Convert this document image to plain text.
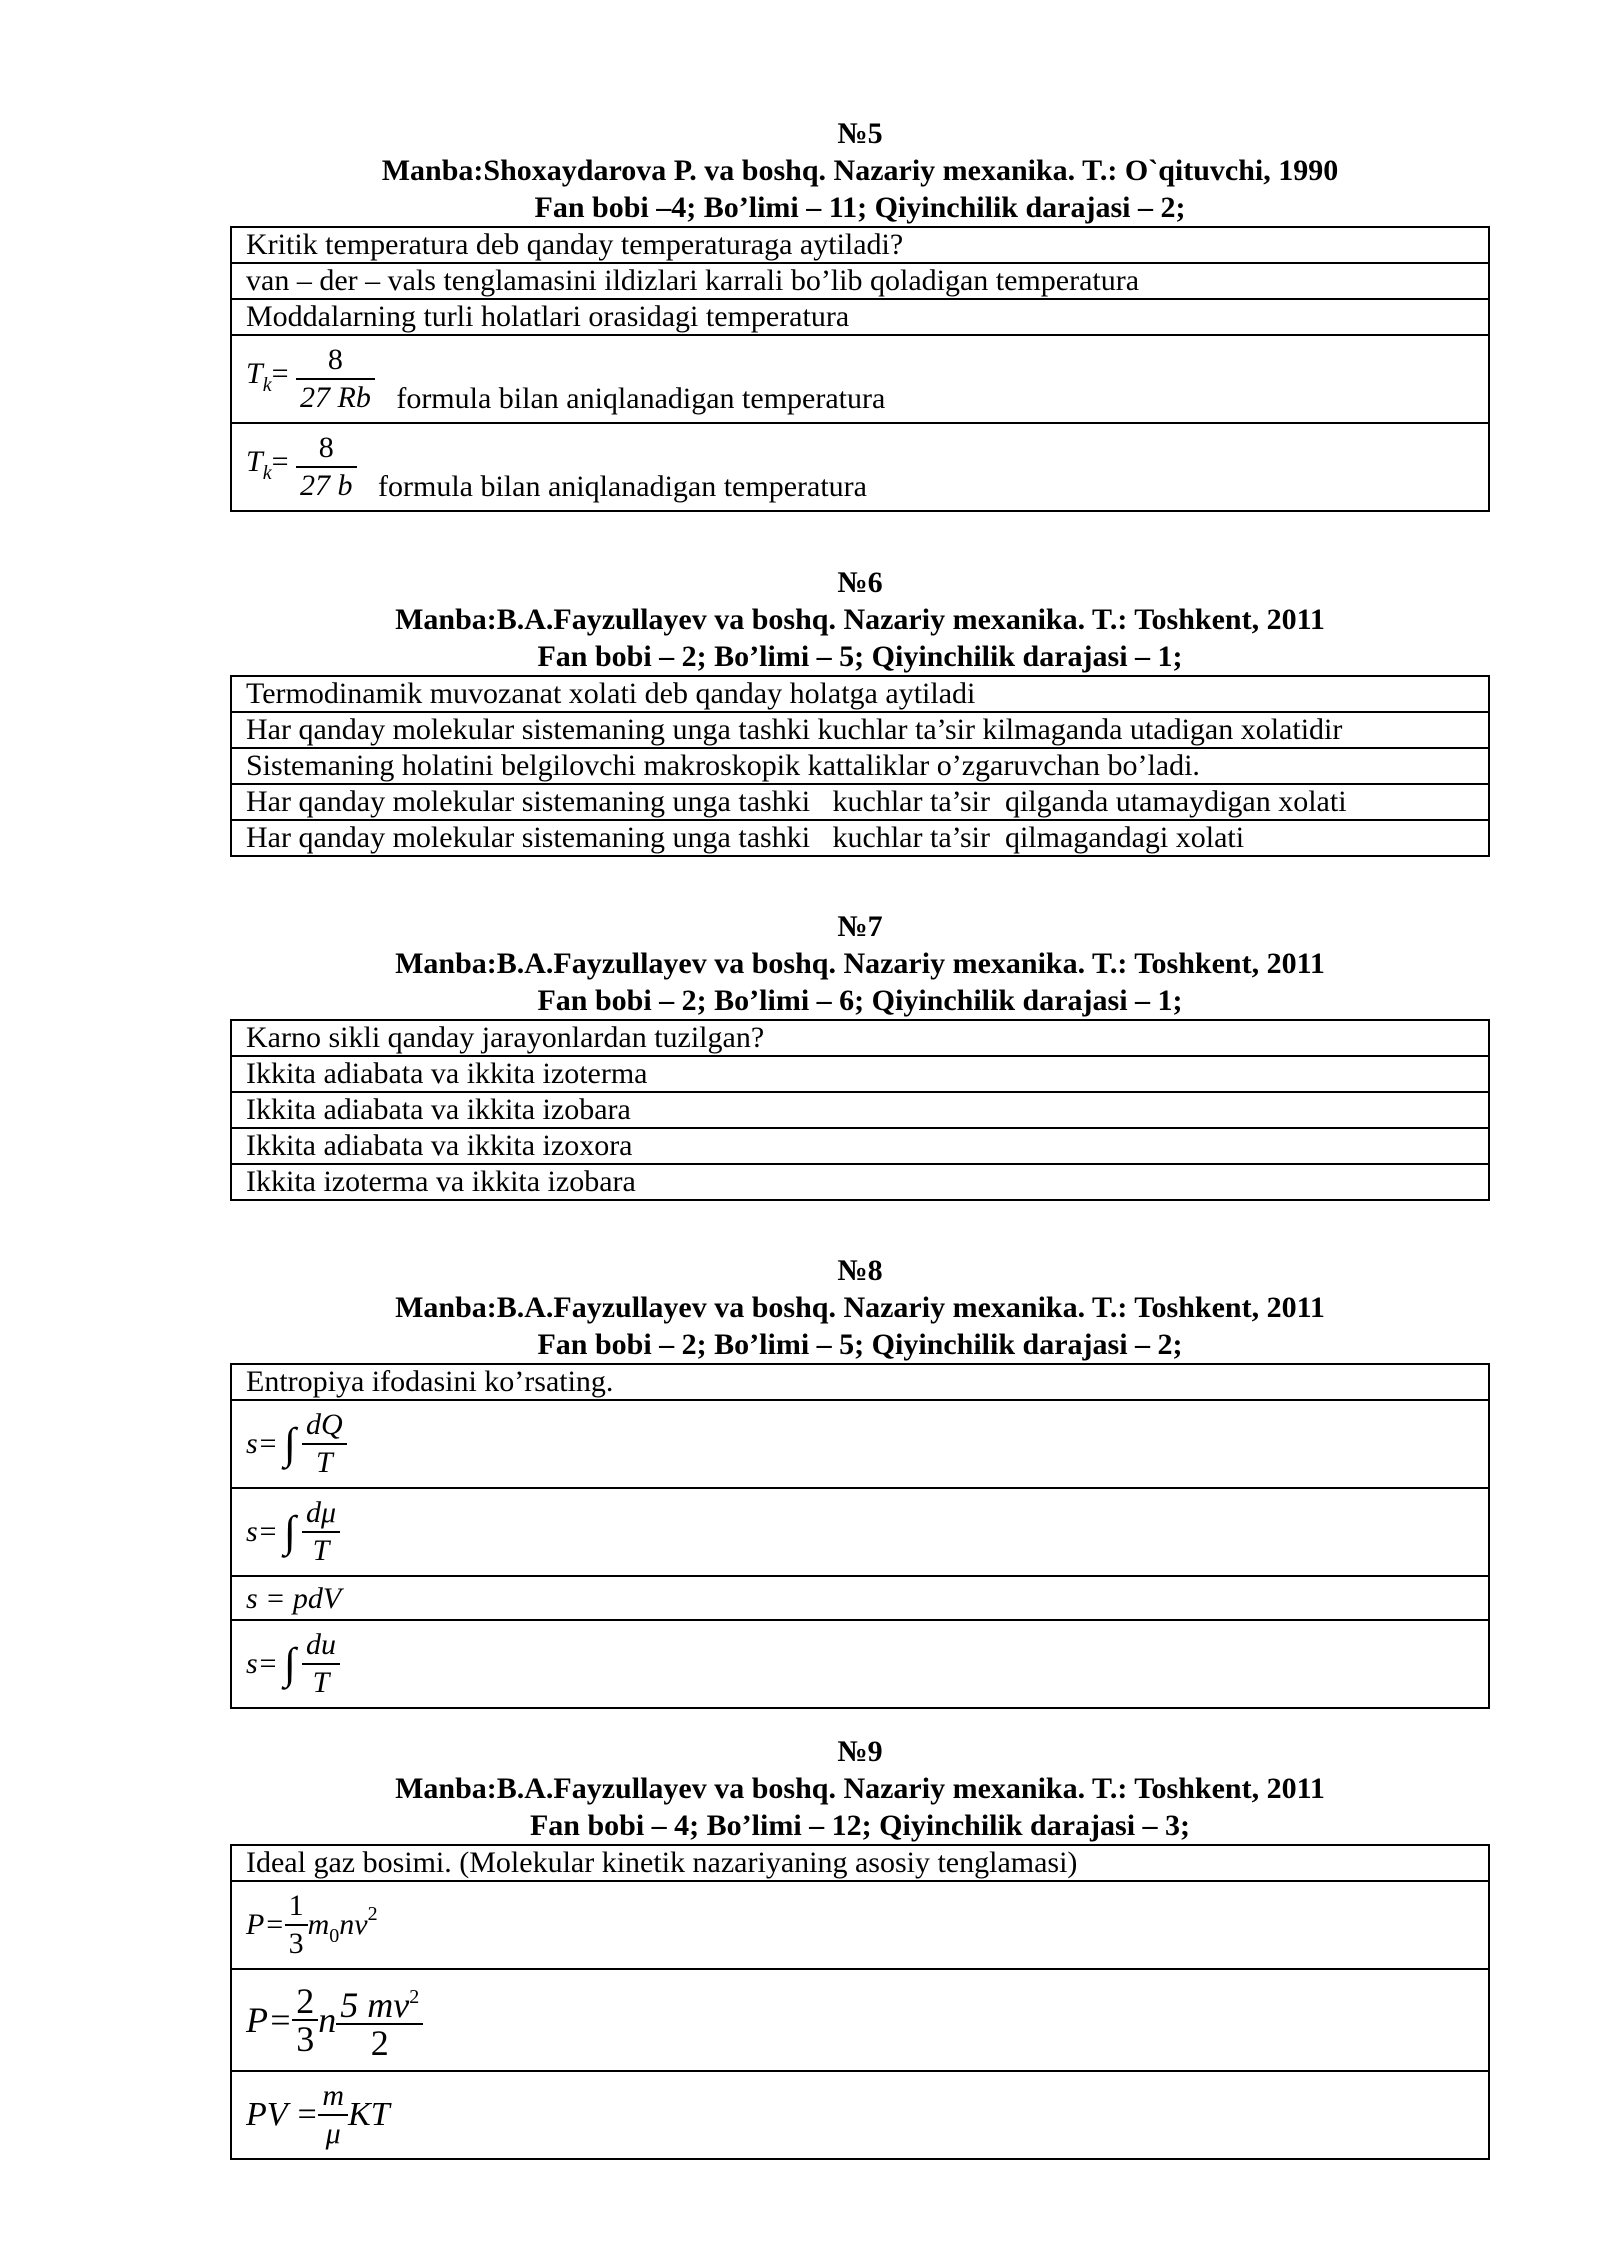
№5
Manba:Shoxaydarova P. va boshq. Nazariy mexanika. T.: O`qituvchi, 1990
Fan bobi –4; Bo’limi – 11; Qiyinchilik darajasi – 2;
Kritik temperatura deb qanday temperaturaga aytiladi?
van – der – vals tenglamasini ildizlari karrali bo’lib qoladigan temperatura
Moddalarning turli holatlari orasidagi temperatura
$T_k= \frac{8}{27 Rb}$ formula bilan aniqlanadigan temperatura
$T_k= \frac{8}{27 b}$ formula bilan aniqlanadigan temperatura
№6
Manba:B.A.Fayzullayev va boshq. Nazariy mexanika. T.: Toshkent, 2011
Fan bobi – 2; Bo’limi – 5; Qiyinchilik darajasi – 1;
Termodinamik muvozanat xolati deb qanday holatga aytiladi
Har qanday molekular sistemaning unga tashki kuchlar ta’sir kilmaganda utadigan xolatidir
Sistemaning holatini belgilovchi makroskopik kattaliklar o’zgaruvchan bo’ladi.
Har qanday molekular sistemaning unga tashki   kuchlar ta’sir  qilganda utamaydigan xolati
Har qanday molekular sistemaning unga tashki   kuchlar ta’sir  qilmagandagi xolati
№7
Manba:B.A.Fayzullayev va boshq. Nazariy mexanika. T.: Toshkent, 2011
Fan bobi – 2; Bo’limi – 6; Qiyinchilik darajasi – 1;
Karno sikli qanday jarayonlardan tuzilgan?
Ikkita adiabata va ikkita izoterma
Ikkita adiabata va ikkita izobara
Ikkita adiabata va ikkita izoxora
Ikkita izoterma va ikkita izobara
№8
Manba:B.A.Fayzullayev va boshq. Nazariy mexanika. T.: Toshkent, 2011
Fan bobi – 2; Bo’limi – 5; Qiyinchilik darajasi – 2;
Entropiya ifodasini ko’rsating.
s= ∫ $\frac{dQ}{T}$

s= ∫ $\frac{d\mu}{T}$

s = pdV
s= ∫ $\frac{du}{T}$
№9
Manba:B.A.Fayzullayev va boshq. Nazariy mexanika. T.: Toshkent, 2011
Fan bobi – 4; Bo’limi – 12; Qiyinchilik darajasi – 3;
Ideal gaz bosimi. (Molekular kinetik nazariyaning asosiy tenglamasi)
$P= \frac{1}{3} m_0nv^2$
$P= \frac{2}{3}$ n $\frac{5 mv^2}{2}$

PV = $\frac{m}{\mu}$ KT
